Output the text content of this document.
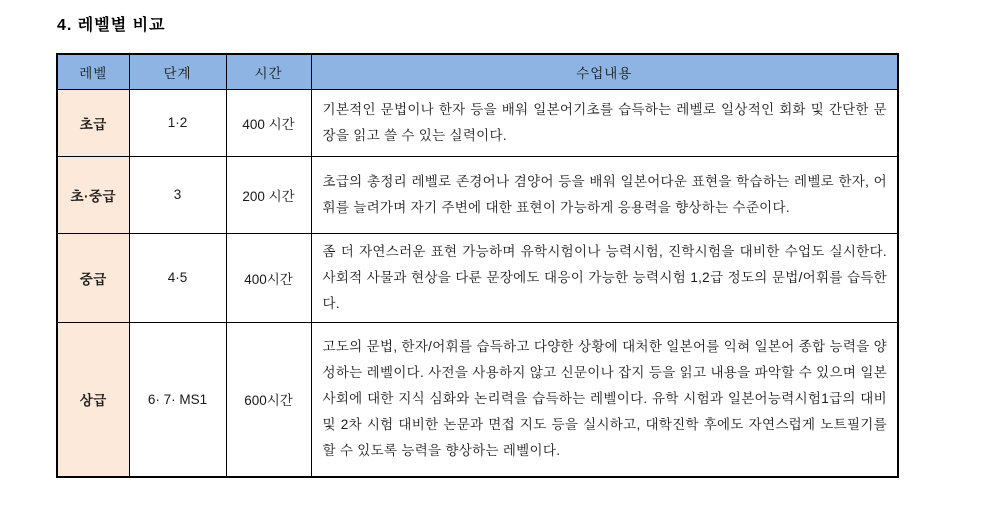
4. 레벨별 비교
레벨	단계	시간	수업내용
초급	1·2	400 시간	기본적인 문법이나 한자 등을 배워 일본어기초를 습득하는 레벨로 일상적인 회화 및 간단한 문장을 읽고 쓸 수 있는 실력이다.
초·중급	3	200 시간	초급의 총정리 레벨로 존경어나 겸양어 등을 배워 일본어다운 표현을 학습하는 레벨로 한자, 어휘를 늘려가며 자기 주변에 대한 표현이 가능하게 응용력을 향상하는 수준이다.
중급	4·5	400시간	좀 더 자연스러운 표현 가능하며 유학시험이나 능력시험, 진학시험을 대비한 수업도 실시한다. 사회적 사물과 현상을 다룬 문장에도 대응이 가능한 능력시험 1,2급 정도의 문법/어휘를 습득한다.
상급	6· 7· MS1	600시간	고도의 문법, 한자/어휘를 습득하고 다양한 상황에 대처한 일본어를 익혀 일본어 종합 능력을 양성하는 레벨이다. 사전을 사용하지 않고 신문이나 잡지 등을 읽고 내용을 파악할 수 있으며 일본사회에 대한 지식 심화와 논리력을 습득하는 레벨이다. 유학 시험과 일본어능력시험1급의 대비 및 2차 시험 대비한 논문과 면접 지도 등을 실시하고, 대학진학 후에도 자연스럽게 노트필기를 할 수 있도록 능력을 향상하는 레벨이다.
